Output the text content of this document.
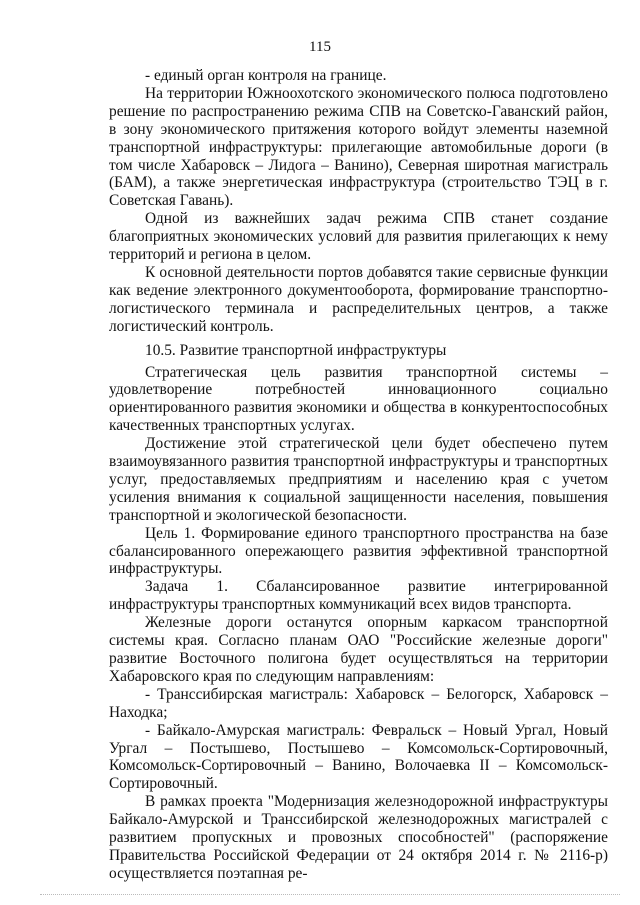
115

- единый орган контроля на границе.

На территории Южноохотского экономического полюса подготовлено решение по распространению режима СПВ на Советско-Гаванский район, в зону экономического притяжения которого войдут элементы наземной транспортной инфраструктуры: прилегающие автомобильные дороги (в том числе Хабаровск – Лидога – Ванино), Северная широтная магистраль (БАМ), а также энергетическая инфраструктура (строительство ТЭЦ в г. Советская Гавань).

Одной из важнейших задач режима СПВ станет создание благоприятных экономических условий для развития прилегающих к нему территорий и региона в целом.

К основной деятельности портов добавятся такие сервисные функции как ведение электронного документооборота, формирование транспортно-логистического терминала и распределительных центров, а также логистический контроль.

10.5. Развитие транспортной инфраструктуры

Стратегическая цель развития транспортной системы – удовлетворение потребностей инновационного социально ориентированного развития экономики и общества в конкурентоспособных качественных транспортных услугах.

Достижение этой стратегической цели будет обеспечено путем взаимоувязанного развития транспортной инфраструктуры и транспортных услуг, предоставляемых предприятиям и населению края с учетом усиления внимания к социальной защищенности населения, повышения транспортной и экологической безопасности.

Цель 1. Формирование единого транспортного пространства на базе сбалансированного опережающего развития эффективной транспортной инфраструктуры.

Задача 1. Сбалансированное развитие интегрированной инфраструктуры транспортных коммуникаций всех видов транспорта.

Железные дороги останутся опорным каркасом транспортной системы края. Согласно планам ОАО "Российские железные дороги" развитие Восточного полигона будет осуществляться на территории Хабаровского края по следующим направлениям:

- Транссибирская магистраль: Хабаровск – Белогорск, Хабаровск – Находка;

- Байкало-Амурская магистраль: Февральск – Новый Ургал, Новый Ургал – Постышево, Постышево – Комсомольск-Сортировочный, Комсомольск-Сортировочный – Ванино, Волочаевка II – Комсомольск-Сортировочный.

В рамках проекта "Модернизация железнодорожной инфраструктуры Байкало-Амурской и Транссибирской железнодорожных магистралей с развитием пропускных и провозных способностей" (распоряжение Правительства Российской Федерации от 24 октября 2014 г. № 2116-р) осуществляется поэтапная ре-
